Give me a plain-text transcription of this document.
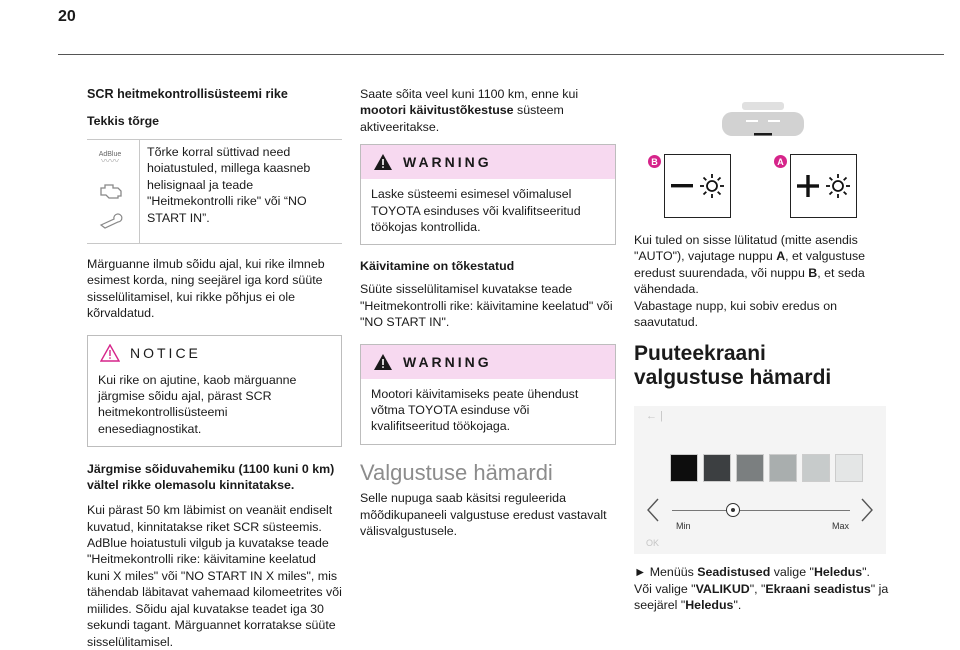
20

SCR heitmekontrollisüsteemi rike

Tekkis tõrge

AdBlue
〰〰

Tõrke korral süttivad need hoiatustuled, millega kaasneb helisignaal ja teade "Heitmekontrolli rike" või “NO START IN”.

Märguanne ilmub sõidu ajal, kui rike ilmneb esimest korda, ning seejärel iga kord süüte sisselülitamisel, kui rikke põhjus ei ole kõrvaldatud.

NOTICE

Kui rike on ajutine, kaob märguanne järgmise sõidu ajal, pärast SCR heitmekontrollisüsteemi enesediagnostikat.

Järgmise sõiduvahemiku (1100 kuni 0 km) vältel rikke olemasolu kinnitatakse.

Kui pärast 50 km läbimist on veanäit endiselt kuvatud, kinnitatakse riket SCR süsteemis. AdBlue hoiatustuli vilgub ja kuvatakse teade "Heitmekontrolli rike: käivitamine keelatud kuni X miles" või "NO START IN X miles", mis tähendab läbitavat vahemaad kilomeetrites või miilides. Sõidu ajal kuvatakse teadet iga 30 sekundi tagant. Märguannet korratakse süüte sisselülitamisel.

Saate sõita veel kuni 1100 km, enne kui mootori käivitustõkestuse süsteem aktiveeritakse.

WARNING

Laske süsteemi esimesel võimalusel TOYOTA esinduses või kvalifitseeritud töökojas kontrollida.

Käivitamine on tõkestatud

Süüte sisselülitamisel kuvatakse teade "Heitmekontrolli rike: käivitamine keelatud" või "NO START IN".

WARNING

Mootori käivitamiseks peate ühendust võtma TOYOTA esinduse või kvalifitseeritud töökojaga.

Valgustuse hämardi

Selle nupuga saab käsitsi reguleerida mõõdikupaneeli valgustuse eredust vastavalt välisvalgustusele.

B	A

Kui tuled on sisse lülitatud (mitte asendis "AUTO"), vajutage nuppu A, et valgustuse eredust suurendada, või nuppu B, et seda vähendada.

Vabastage nupp, kui sobiv eredus on saavutatud.

Puuteekraani valgustuse hämardi

← |
Min	Max
OK

► Menüüs Seadistused valige "Heledus".
Või valige "VALIKUD", "Ekraani seadistus" ja seejärel "Heledus".
